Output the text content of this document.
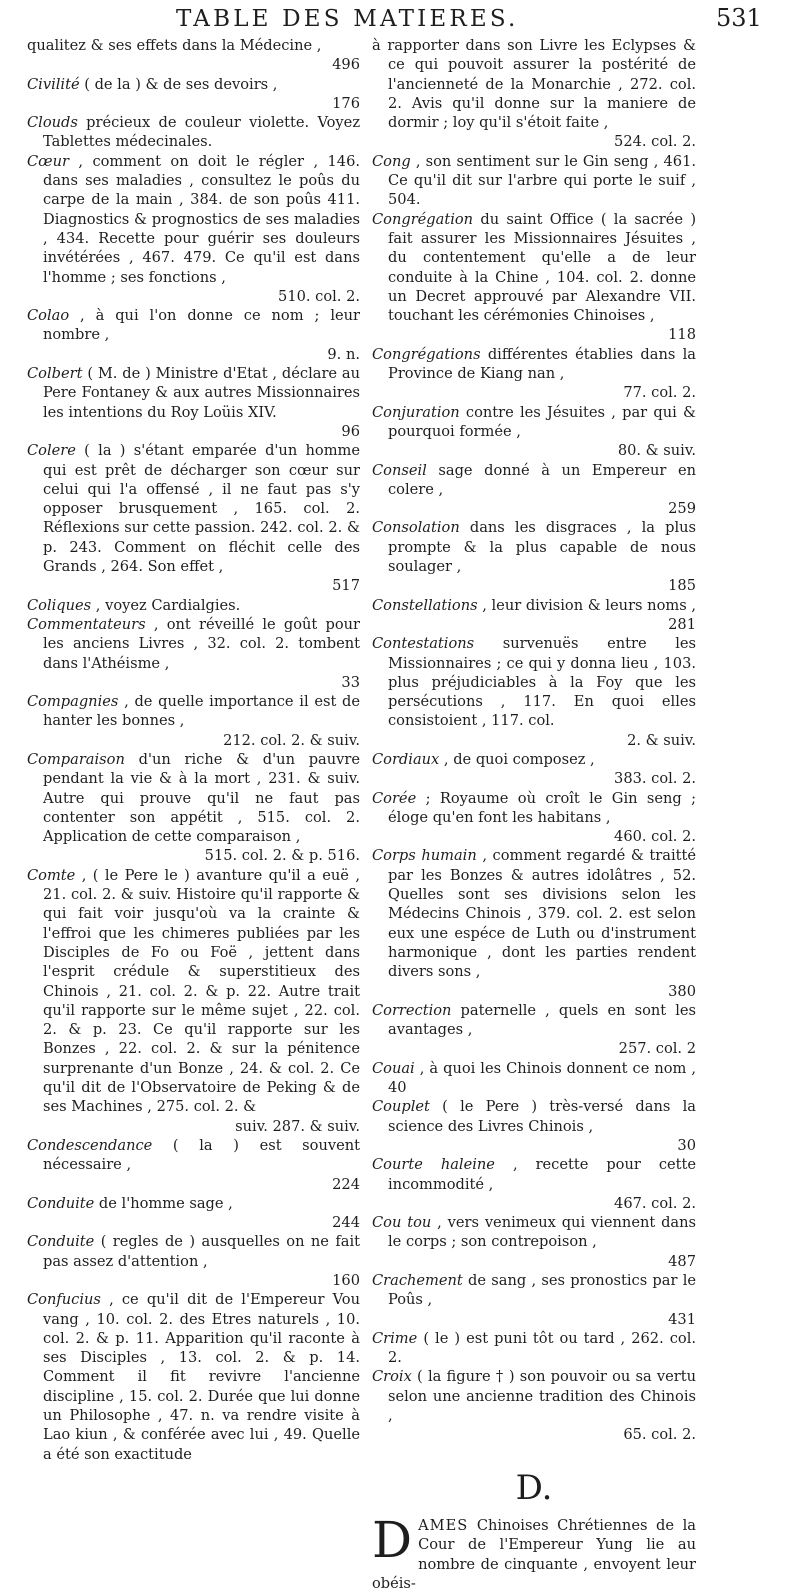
TABLE DES MATIERES.	531

qualitez & ses effets dans la Médecine ,
496

Civilité ( de la ) & de ses devoirs ,
176

Clouds précieux de couleur violette. Voyez Tablettes médecinales.

Cœur , comment on doit le régler , 146. dans ses maladies , consultez le poûs du carpe de la main , 384. de son poûs 411. Diagnostics & prognostics de ses maladies , 434. Recette pour guérir ses douleurs invétérées , 467. 479. Ce qu'il est dans l'homme ; ses fonctions ,
510. col. 2.

Colao , à qui l'on donne ce nom ; leur nombre ,
9. n.

Colbert ( M. de ) Ministre d'Etat , déclare au Pere Fontaney & aux autres Missionnaires les intentions du Roy Loüis XIV.
96

Colere ( la ) s'étant emparée d'un homme qui est prêt de décharger son cœur sur celui qui l'a offensé , il ne faut pas s'y opposer brusquement , 165. col. 2. Réflexions sur cette passion. 242. col. 2. & p. 243. Comment on fléchit celle des Grands , 264. Son effet ,
517

Coliques , voyez Cardialgies.

Commentateurs , ont réveillé le goût pour les anciens Livres , 32. col. 2. tombent dans l'Athéisme ,
33

Compagnies , de quelle importance il est de hanter les bonnes ,
212. col. 2. & suiv.

Comparaison d'un riche & d'un pauvre pendant la vie & à la mort , 231. & suiv. Autre qui prouve qu'il ne faut pas contenter son appétit , 515. col. 2. Application de cette comparaison ,
515. col. 2. & p. 516.

Comte , ( le Pere le ) avanture qu'il a euë , 21. col. 2. & suiv. Histoire qu'il rapporte & qui fait voir jusqu'où va la crainte & l'effroi que les chimeres publiées par les Disciples de Fo ou Foë , jettent dans l'esprit crédule & superstitieux des Chinois , 21. col. 2. & p. 22. Autre trait qu'il rapporte sur le même sujet , 22. col. 2. & p. 23. Ce qu'il rapporte sur les Bonzes , 22. col. 2. & sur la pénitence surprenante d'un Bonze , 24. & col. 2. Ce qu'il dit de l'Observatoire de Peking & de ses Machines , 275. col. 2. &
suiv. 287. & suiv.

Condescendance ( la ) est souvent nécessaire ,
224

Conduite de l'homme sage ,
244

Conduite ( regles de ) ausquelles on ne fait pas assez d'attention ,
160

Confucius , ce qu'il dit de l'Empereur Vou vang , 10. col. 2. des Etres naturels , 10. col. 2. & p. 11. Apparition qu'il raconte à ses Disciples , 13. col. 2. & p. 14. Comment il fit revivre l'ancienne discipline , 15. col. 2. Durée que lui donne un Philosophe , 47. n. va rendre visite à Lao kiun , & conférée avec lui , 49. Quelle a été son exactitude

à rapporter dans son Livre les Eclypses & ce qui pouvoit assurer la postérité de l'ancienneté de la Monarchie , 272. col. 2. Avis qu'il donne sur la maniere de dormir ; loy qu'il s'étoit faite ,
524. col. 2.

Cong , son sentiment sur le Gin seng , 461. Ce qu'il dit sur l'arbre qui porte le suif , 504.

Congrégation du saint Office ( la sacrée ) fait assurer les Missionnaires Jésuites , du contentement qu'elle a de leur conduite à la Chine , 104. col. 2. donne un Decret approuvé par Alexandre VII. touchant les cérémonies Chinoises ,
118

Congrégations différentes établies dans la Province de Kiang nan ,
77. col. 2.

Conjuration contre les Jésuites , par qui & pourquoi formée ,
80. & suiv.

Conseil sage donné à un Empereur en colere ,
259

Consolation dans les disgraces , la plus prompte & la plus capable de nous soulager ,
185

Constellations , leur division & leurs noms ,
281

Contestations survenuës entre les Missionnaires ; ce qui y donna lieu , 103. plus préjudiciables à la Foy que les persécutions , 117. En quoi elles consistoient , 117. col.
2. & suiv.

Cordiaux , de quoi composez ,
383. col. 2.

Corée ; Royaume où croît le Gin seng ; éloge qu'en font les habitans ,
460. col. 2.

Corps humain , comment regardé & traitté par les Bonzes & autres idolâtres , 52. Quelles sont ses divisions selon les Médecins Chinois , 379. col. 2. est selon eux une espéce de Luth ou d'instrument harmonique , dont les parties rendent divers sons ,
380

Correction paternelle , quels en sont les avantages ,
257. col. 2

Couai , à quoi les Chinois donnent ce nom , 40

Couplet ( le Pere ) très-versé dans la science des Livres Chinois ,
30

Courte haleine , recette pour cette incommodité ,
467. col. 2.

Cou tou , vers venimeux qui viennent dans le corps ; son contrepoison ,
487

Crachement de sang , ses pronostics par le Poûs ,
431

Crime ( le ) est puni tôt ou tard , 262. col. 2.

Croix ( la figure † ) son pouvoir ou sa vertu selon une ancienne tradition des Chinois ,
65. col. 2.

D.

D AMES Chinoises Chrétiennes de la Cour de l'Empereur Yung lie au nombre de cinquante , envoyent leur obéis-
